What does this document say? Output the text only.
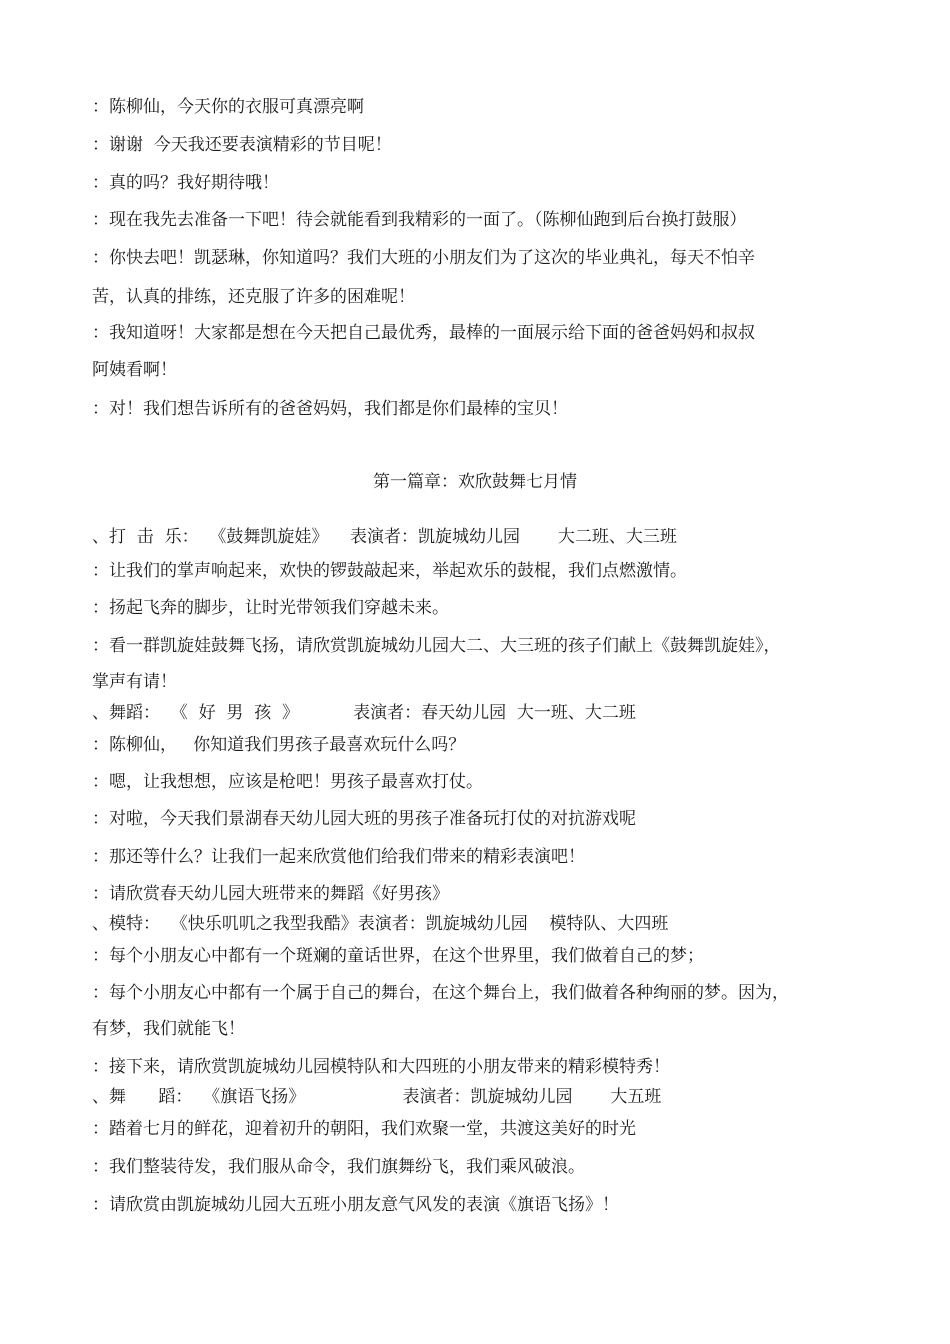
：陈柳仙，今天你的衣服可真漂亮啊
：谢谢  今天我还要表演精彩的节目呢！
：真的吗？我好期待哦！
：现在我先去准备一下吧！待会就能看到我精彩的一面了。（陈柳仙跑到后台换打鼓服）
：你快去吧！凯瑟琳，你知道吗？我们大班的小朋友们为了这次的毕业典礼，每天不怕辛
苦，认真的排练，还克服了许多的困难呢！
：我知道呀！大家都是想在今天把自己最优秀，最棒的一面展示给下面的爸爸妈妈和叔叔
阿姨看啊！
：对！我们想告诉所有的爸爸妈妈，我们都是你们最棒的宝贝！
第一篇章：欢欣鼓舞七月情
、打  击  乐：  《鼓舞凯旋娃》    表演者：凯旋城幼儿园       大二班、大三班
：让我们的掌声响起来，欢快的锣鼓敲起来，举起欢乐的鼓棍，我们点燃激情。
：扬起飞奔的脚步，让时光带领我们穿越未来。
：看一群凯旋娃鼓舞飞扬，请欣赏凯旋城幼儿园大二、大三班的孩子们献上《鼓舞凯旋娃》，
掌声有请！
、舞蹈：  《  好  男  孩  》          表演者：春天幼儿园  大一班、大二班
：陈柳仙，   你知道我们男孩子最喜欢玩什么吗？
：嗯，让我想想，应该是枪吧！男孩子最喜欢打仗。
：对啦，今天我们景湖春天幼儿园大班的男孩子准备玩打仗的对抗游戏呢
：那还等什么？让我们一起来欣赏他们给我们带来的精彩表演吧！
：请欣赏春天幼儿园大班带来的舞蹈《好男孩》
、模特：  《快乐叽叽之我型我酷》表演者：凯旋城幼儿园    模特队、大四班
：每个小朋友心中都有一个斑斓的童话世界，在这个世界里，我们做着自己的梦；
：每个小朋友心中都有一个属于自己的舞台，在这个舞台上，我们做着各种绚丽的梦。因为，
有梦，我们就能飞！
：接下来，请欣赏凯旋城幼儿园模特队和大四班的小朋友带来的精彩模特秀！
、舞      蹈：  《旗语飞扬》                  表演者：凯旋城幼儿园       大五班
：踏着七月的鲜花，迎着初升的朝阳，我们欢聚一堂，共渡这美好的时光
：我们整装待发，我们服从命令，我们旗舞纷飞，我们乘风破浪。
：请欣赏由凯旋城幼儿园大五班小朋友意气风发的表演《旗语飞扬》！
